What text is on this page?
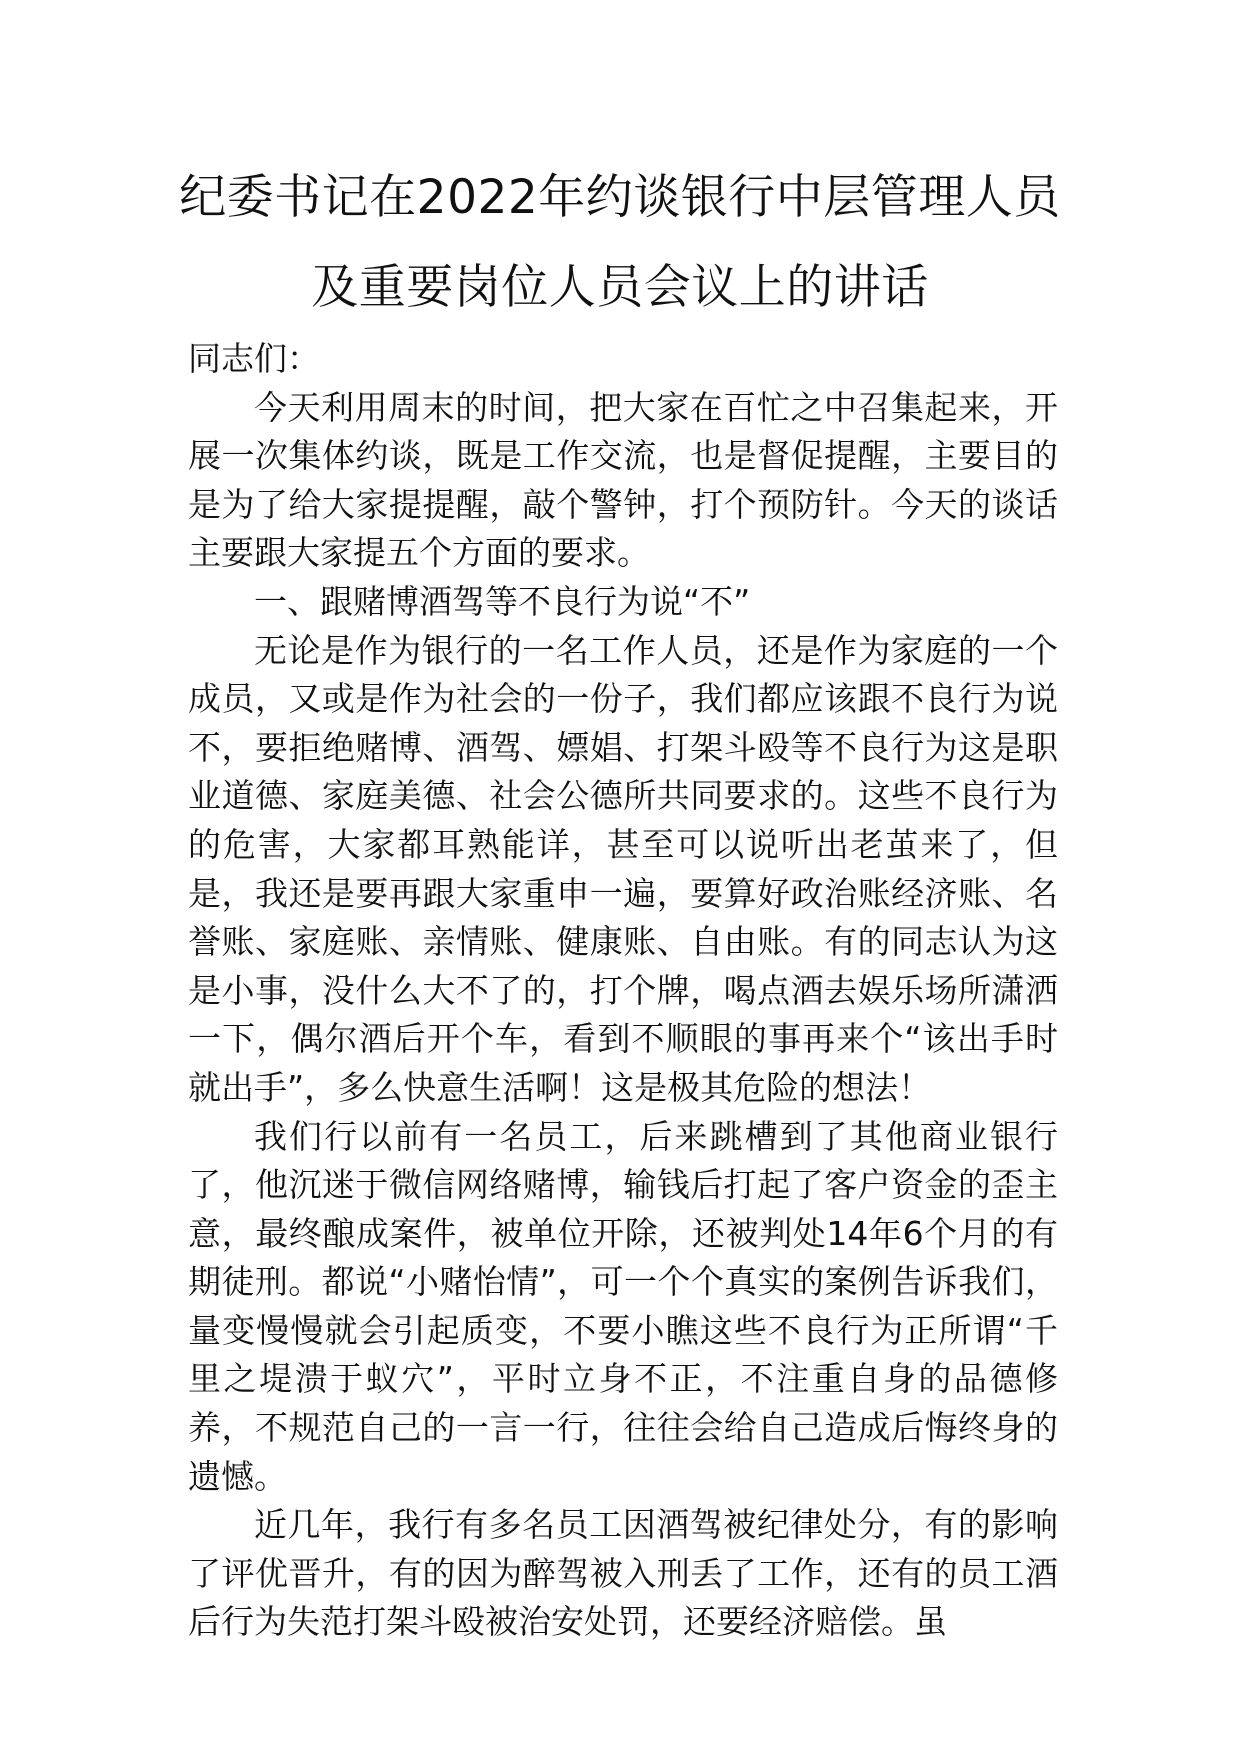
纪委书记在2022年约谈银行中层管理人员
及重要岗位人员会议上的讲话

同志们：

今天利用周末的时间，把大家在百忙之中召集起来，开展一次集体约谈，既是工作交流，也是督促提醒，主要目的是为了给大家提提醒，敲个警钟，打个预防针。今天的谈话主要跟大家提五个方面的要求。

一、跟赌博酒驾等不良行为说“不”

无论是作为银行的一名工作人员，还是作为家庭的一个成员，又或是作为社会的一份子，我们都应该跟不良行为说不，要拒绝赌博、酒驾、嫖娼、打架斗殴等不良行为这是职业道德、家庭美德、社会公德所共同要求的。这些不良行为的危害，大家都耳熟能详，甚至可以说听出老茧来了，但是，我还是要再跟大家重申一遍，要算好政治账经济账、名誉账、家庭账、亲情账、健康账、自由账。有的同志认为这是小事，没什么大不了的，打个牌，喝点酒去娱乐场所潇洒一下，偶尔酒后开个车，看到不顺眼的事再来个“该出手时就出手”，多么快意生活啊！这是极其危险的想法！

我们行以前有一名员工，后来跳槽到了其他商业银行了，他沉迷于微信网络赌博，输钱后打起了客户资金的歪主意，最终酿成案件，被单位开除，还被判处14年6个月的有期徒刑。都说“小赌怡情”，可一个个真实的案例告诉我们，量变慢慢就会引起质变，不要小瞧这些不良行为正所谓“千里之堤溃于蚁穴”，平时立身不正，不注重自身的品德修养，不规范自己的一言一行，往往会给自己造成后悔终身的遗憾。

近几年，我行有多名员工因酒驾被纪律处分，有的影响了评优晋升，有的因为醉驾被入刑丢了工作，还有的员工酒后行为失范打架斗殴被治安处罚，还要经济赔偿。虽
